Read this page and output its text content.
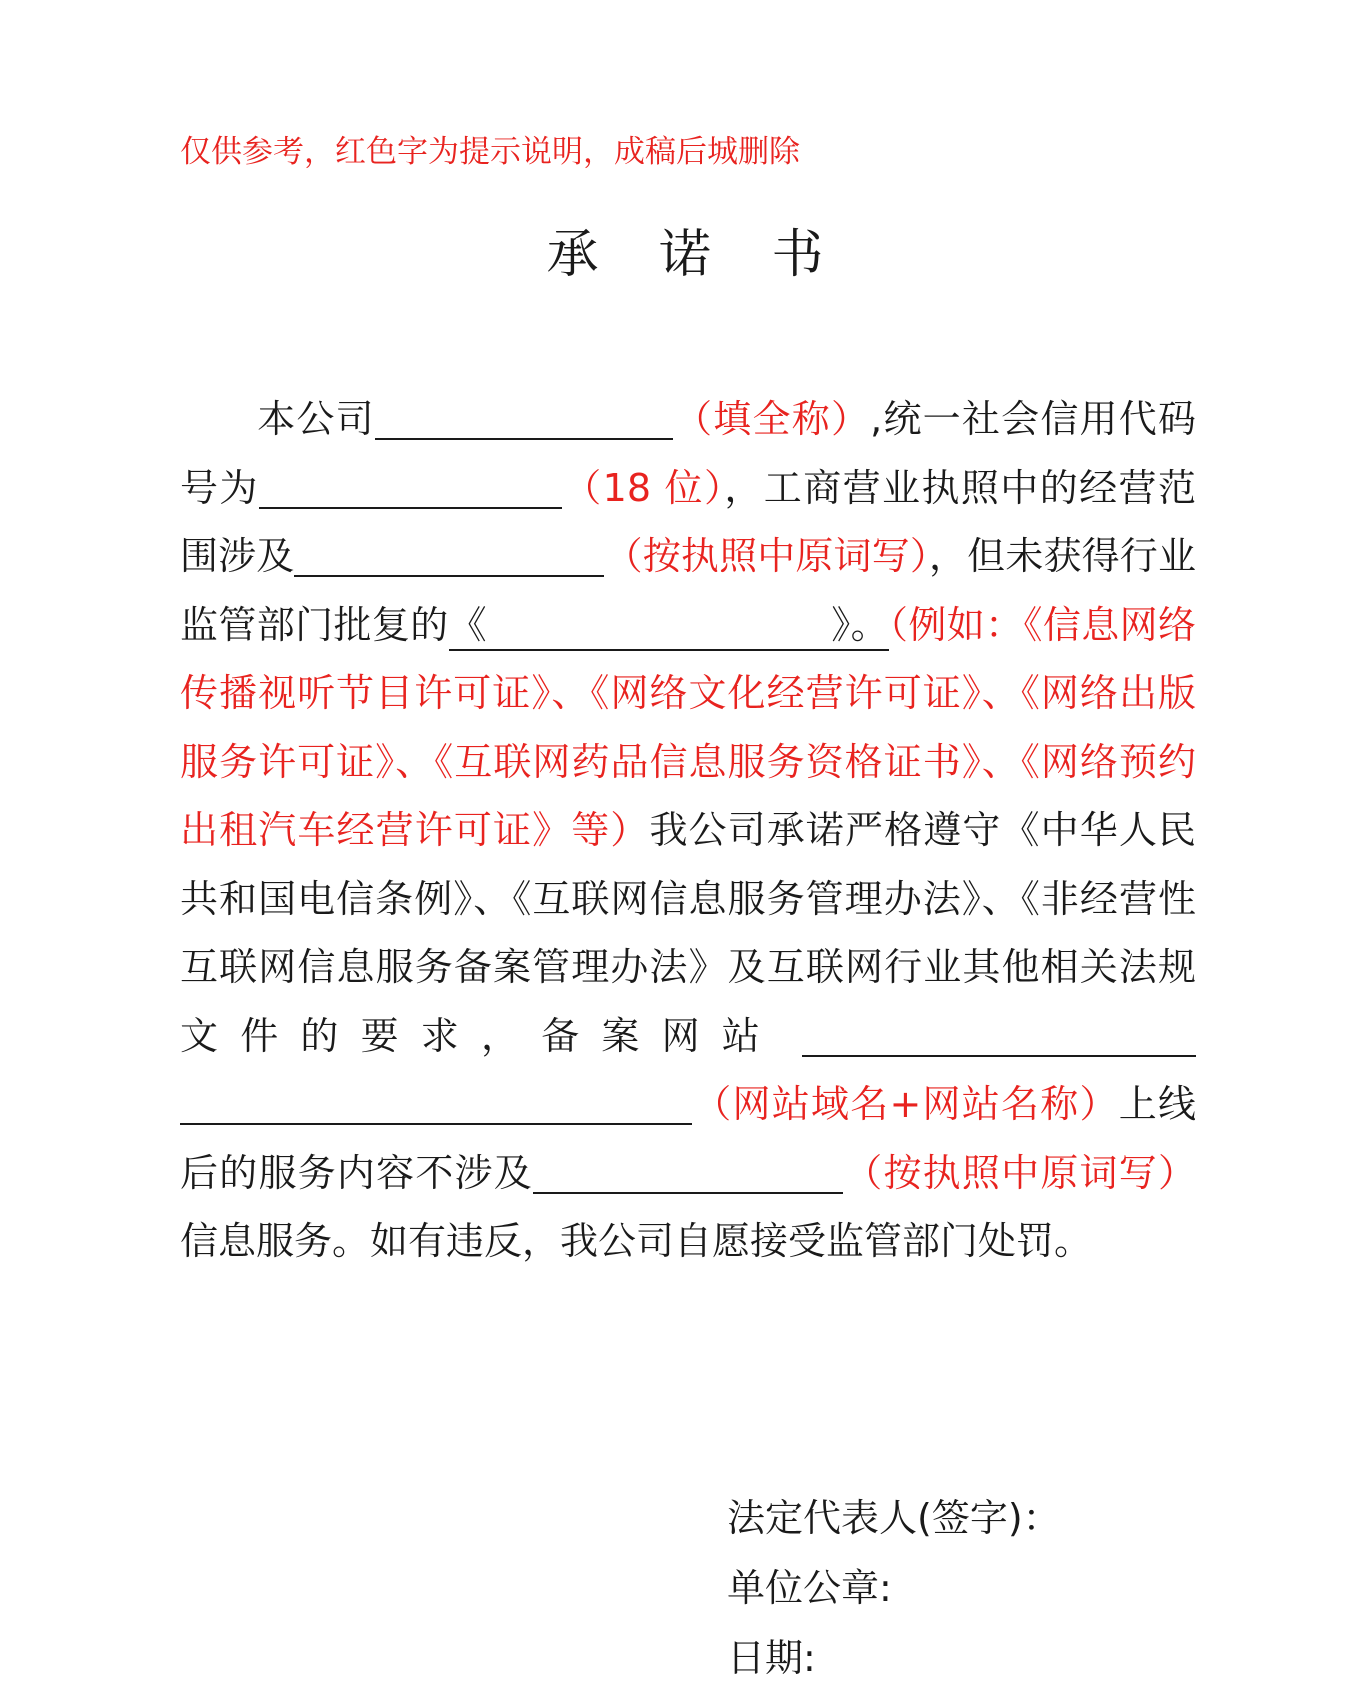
仅供参考，红色字为提示说明，成稿后城删除
承 诺 书

本公司	（填全称）,统一社会信用代码号为	（18 位），工商营业执照中的经营范围涉及	（按执照中原词写），但未获得行业监管部门批复的《	》。（例如：《信息网络传播视听节目许可证》、《网络文化经营许可证》、《网络出版服务许可证》、《互联网药品信息服务资格证书》、《网络预约出租汽车经营许可证》等）我公司承诺严格遵守《中华人民共和国电信条例》、《互联网信息服务管理办法》、《非经营性互联网信息服务备案管理办法》及互联网行业其他相关法规文件的要求，备案网站（网站域名+网站名称）上线后的服务内容不涉及	（按执照中原词写）信息服务。如有违反，我公司自愿接受监管部门处罚。

法定代表人(签字)：
单位公章:
日期:
